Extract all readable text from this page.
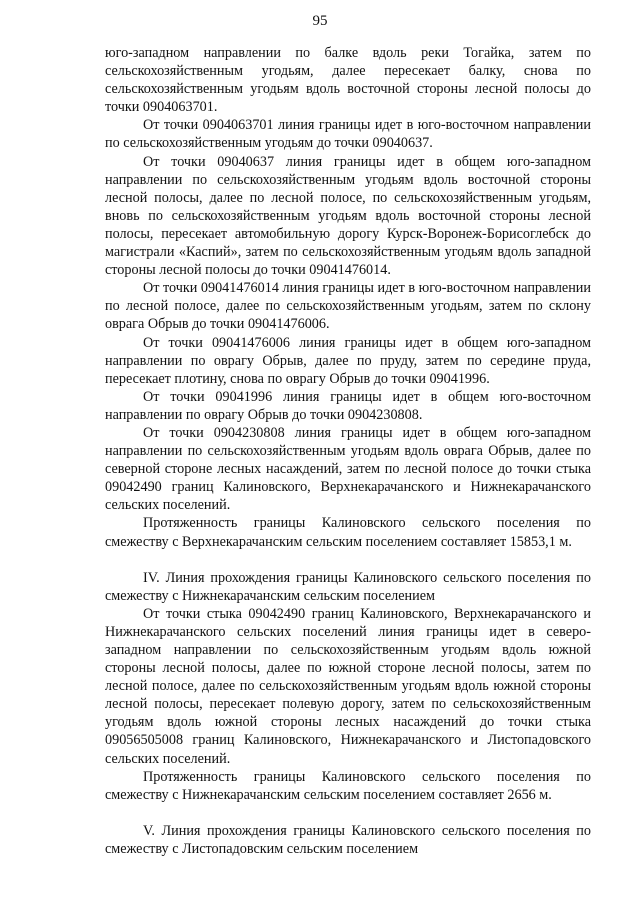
95

юго-западном направлении по балке вдоль реки Тогайка, затем по сельскохозяйственным угодьям, далее пересекает балку, снова по сельскохозяйственным угодьям вдоль восточной стороны лесной полосы до точки 0904063701.

От точки 0904063701 линия границы идет в юго-восточном направлении по сельскохозяйственным угодьям до точки 09040637.

От точки 09040637 линия границы идет в общем юго-западном направлении по сельскохозяйственным угодьям вдоль восточной стороны лесной полосы, далее по лесной полосе, по сельскохозяйственным угодьям, вновь по сельскохозяйственным угодьям вдоль восточной стороны лесной полосы, пересекает автомобильную дорогу Курск-Воронеж-Борисоглебск до магистрали «Каспий», затем по сельскохозяйственным угодьям вдоль западной стороны лесной полосы до точки 09041476014.

От точки 09041476014 линия границы идет в юго-восточном направлении по лесной полосе, далее по сельскохозяйственным угодьям, затем по склону оврага Обрыв до точки 09041476006.

От точки 09041476006 линия границы идет в общем юго-западном направлении по оврагу Обрыв, далее по пруду, затем по середине пруда, пересекает плотину, снова по оврагу Обрыв до точки 09041996.

От точки 09041996 линия границы идет в общем юго-восточном направлении по оврагу Обрыв до точки 0904230808.

От точки 0904230808 линия границы идет в общем юго-западном направлении по сельскохозяйственным угодьям вдоль оврага Обрыв, далее по северной стороне лесных насаждений, затем по лесной полосе до точки стыка 09042490 границ Калиновского, Верхнекарачанского и Нижнекарачанского сельских поселений.

Протяженность границы Калиновского сельского поселения по смежеству с Верхнекарачанским сельским поселением составляет 15853,1 м.

IV. Линия прохождения границы Калиновского сельского поселения по смежеству с Нижнекарачанским сельским поселением

От точки стыка 09042490 границ Калиновского, Верхнекарачанского и Нижнекарачанского сельских поселений линия границы идет в северо-западном направлении по сельскохозяйственным угодьям вдоль южной стороны лесной полосы, далее по южной стороне лесной полосы, затем по лесной полосе, далее по сельскохозяйственным угодьям вдоль южной стороны лесной полосы, пересекает полевую дорогу, затем по сельскохозяйственным угодьям вдоль южной стороны лесных насаждений до точки стыка 09056505008 границ Калиновского, Нижнекарачанского и Листопадовского сельских поселений.

Протяженность границы Калиновского сельского поселения по смежеству с Нижнекарачанским сельским поселением составляет 2656 м.

V. Линия прохождения границы Калиновского сельского поселения по смежеству с Листопадовским сельским поселением
